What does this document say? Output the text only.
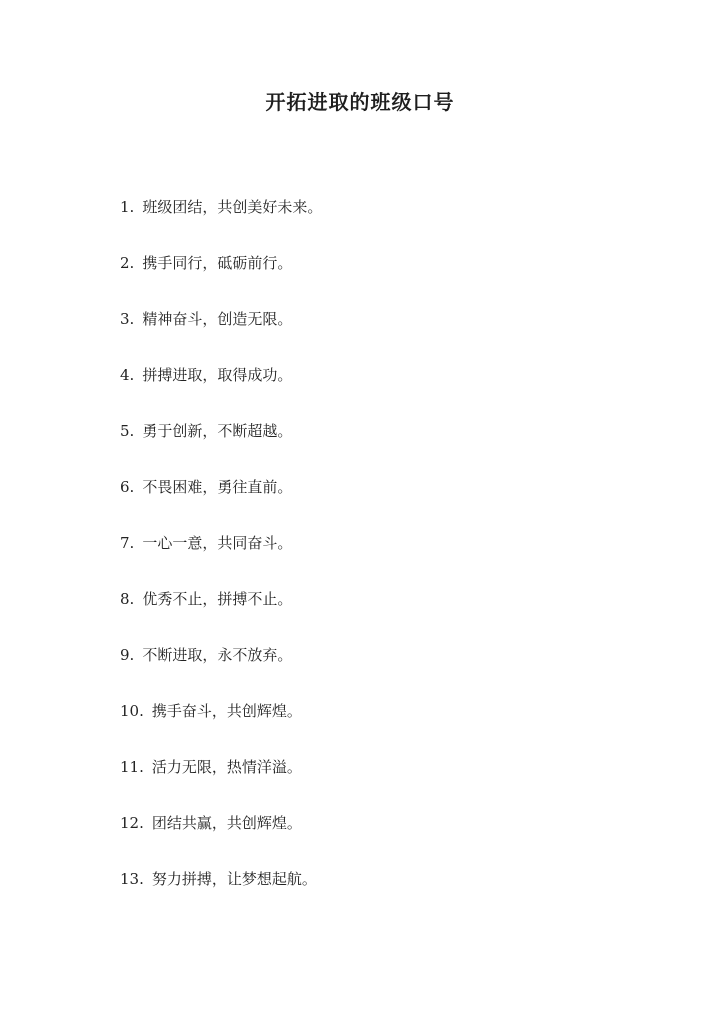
开拓进取的班级口号
1. 班级团结，共创美好未来。
2. 携手同行，砥砺前行。
3. 精神奋斗，创造无限。
4. 拼搏进取，取得成功。
5. 勇于创新，不断超越。
6. 不畏困难，勇往直前。
7. 一心一意，共同奋斗。
8. 优秀不止，拼搏不止。
9. 不断进取，永不放弃。
10. 携手奋斗，共创辉煌。
11. 活力无限，热情洋溢。
12. 团结共赢，共创辉煌。
13. 努力拼搏，让梦想起航。
